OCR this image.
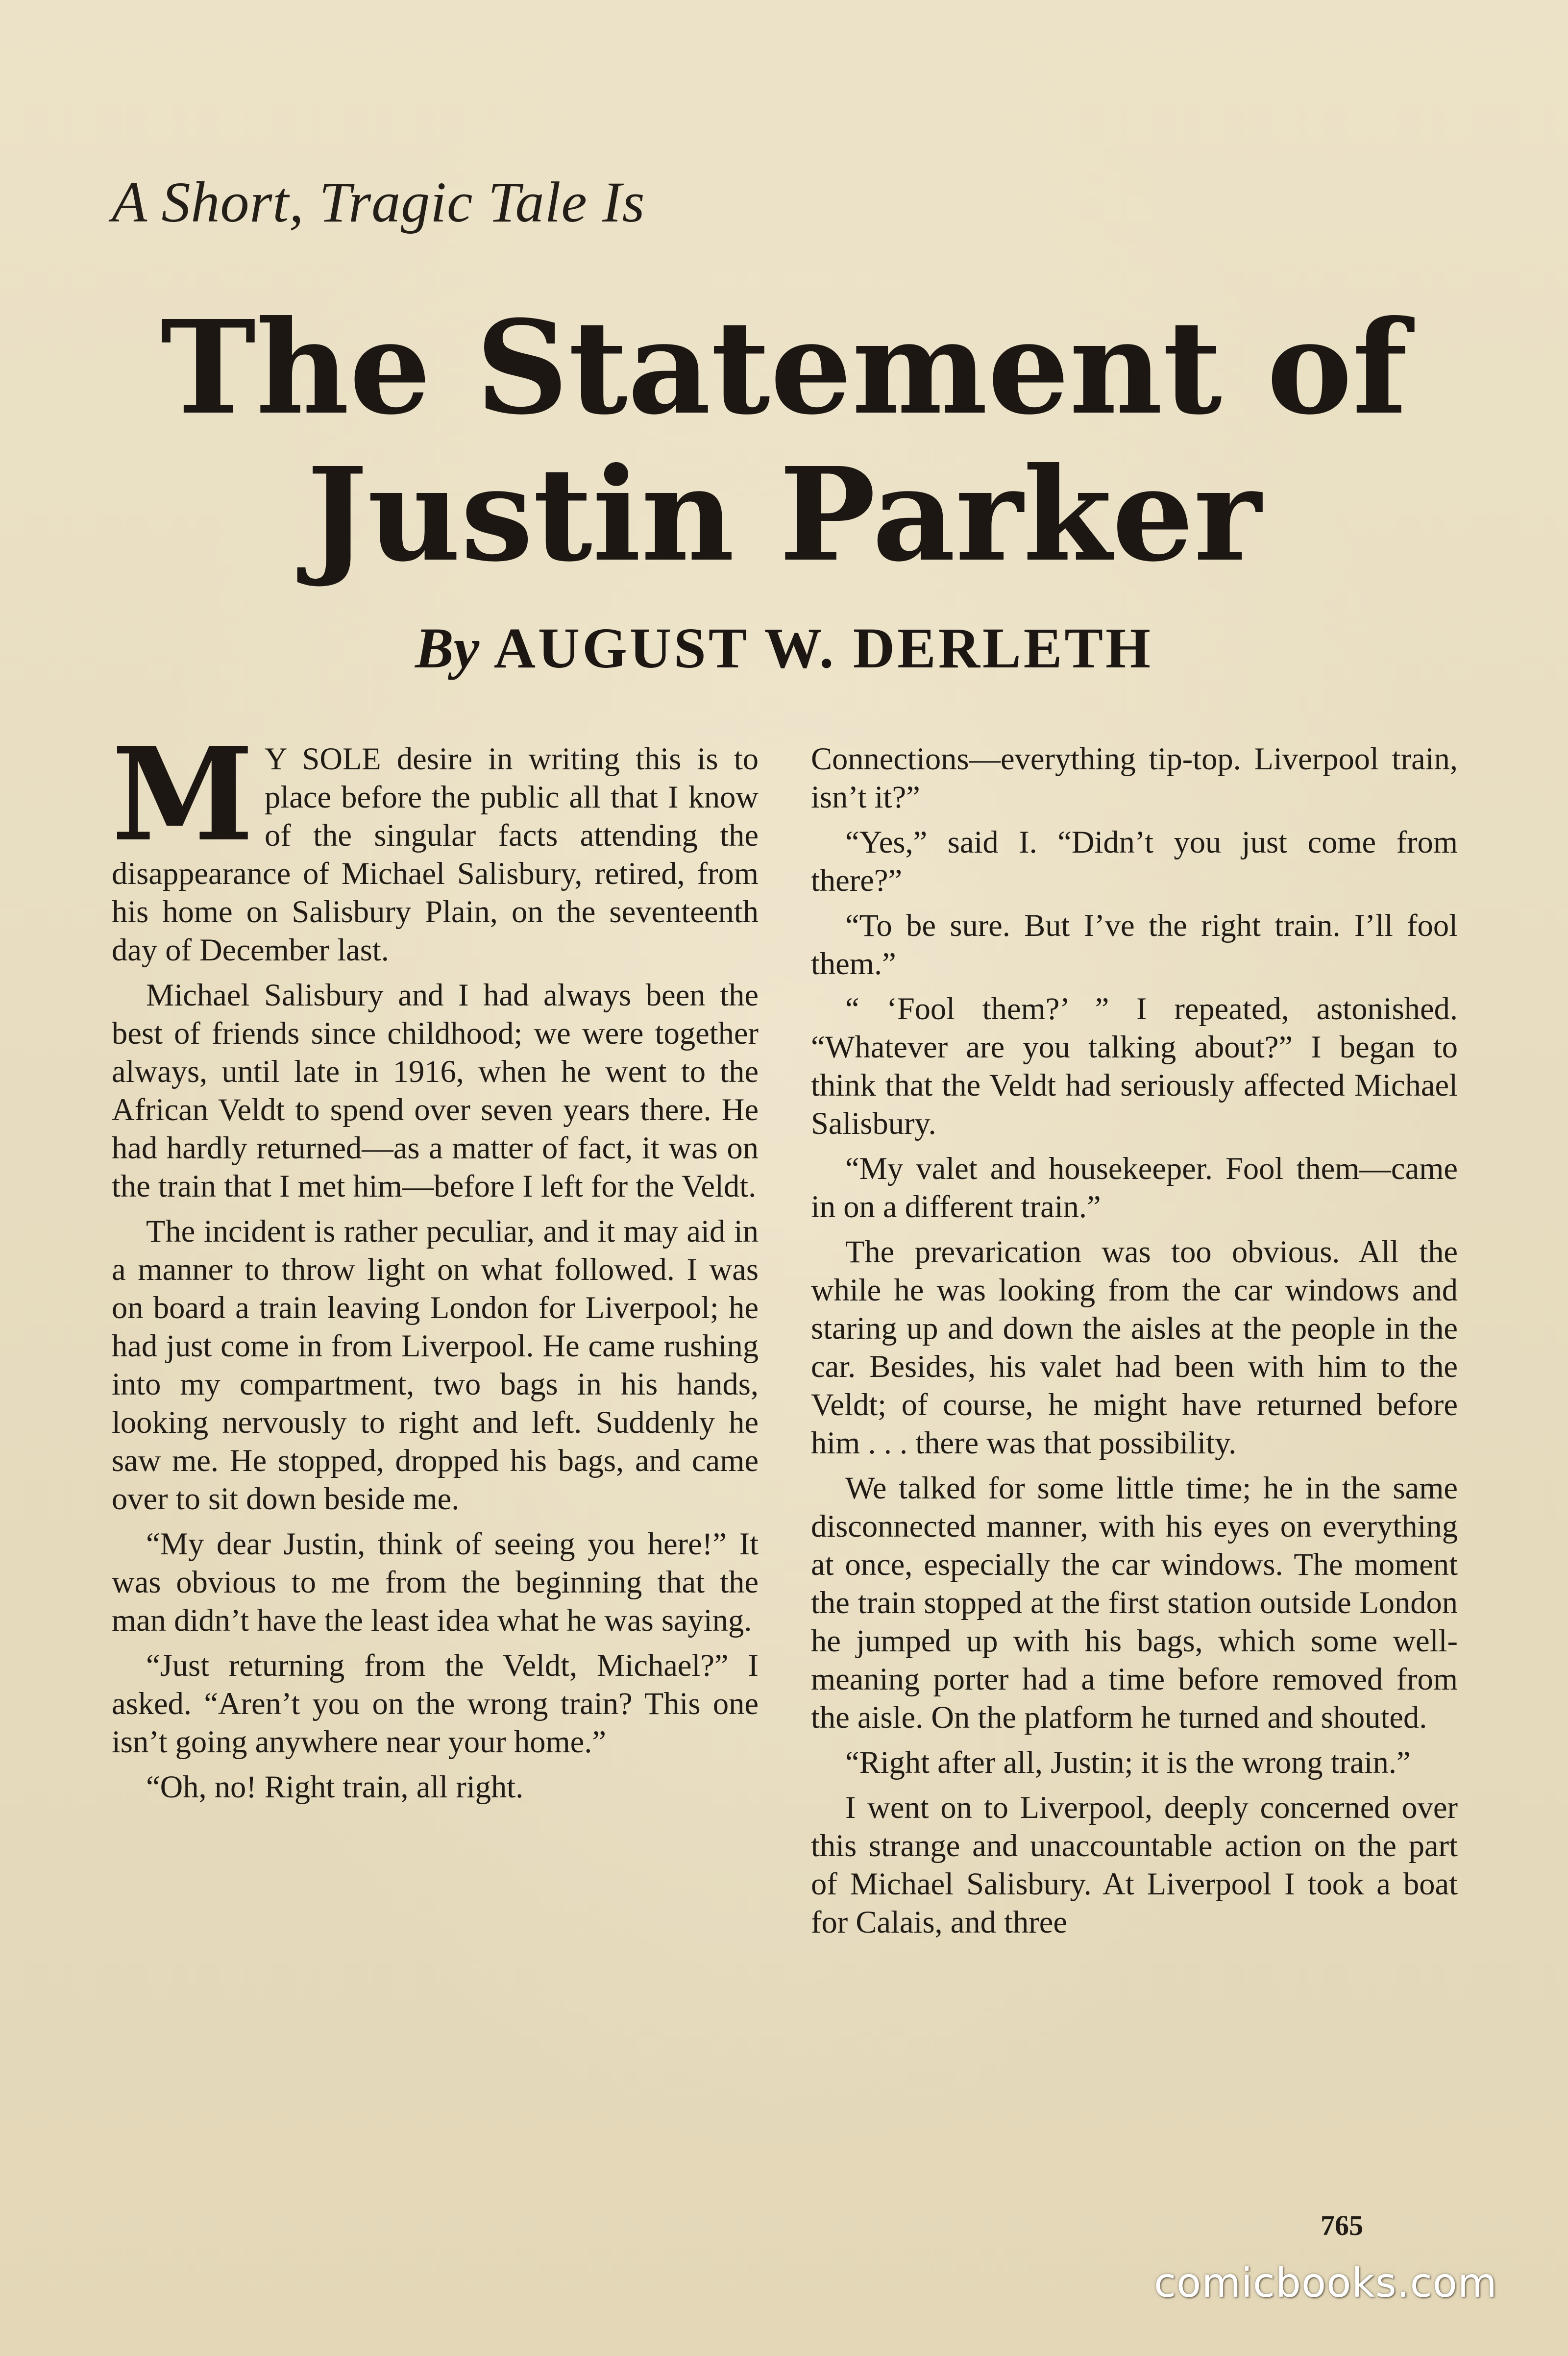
A Short, Tragic Tale Is
The Statement of
Justin Parker
By AUGUST W. DERLETH

M Y SOLE desire in writing this is to place before the public all that I know of the singular facts attending the disappearance of Michael Salisbury, retired, from his home on Salisbury Plain, on the seventeenth day of December last.

Michael Salisbury and I had always been the best of friends since childhood; we were together always, until late in 1916, when he went to the African Veldt to spend over seven years there. He had hardly returned—as a matter of fact, it was on the train that I met him—before I left for the Veldt.

The incident is rather peculiar, and it may aid in a manner to throw light on what followed. I was on board a train leaving London for Liverpool; he had just come in from Liverpool. He came rushing into my compartment, two bags in his hands, looking nervously to right and left. Suddenly he saw me. He stopped, dropped his bags, and came over to sit down beside me.

“My dear Justin, think of seeing you here!” It was obvious to me from the beginning that the man didn’t have the least idea what he was saying.

“Just returning from the Veldt, Michael?” I asked. “Aren’t you on the wrong train? This one isn’t going anywhere near your home.”

“Oh, no! Right train, all right.

Connections—everything tip-top. Liverpool train, isn’t it?”

“Yes,” said I. “Didn’t you just come from there?”

“To be sure. But I’ve the right train. I’ll fool them.”

“ ‘Fool them?’ ” I repeated, astonished. “Whatever are you talking about?” I began to think that the Veldt had seriously affected Michael Salisbury.

“My valet and housekeeper. Fool them—came in on a different train.”

The prevarication was too obvious. All the while he was looking from the car windows and staring up and down the aisles at the people in the car. Besides, his valet had been with him to the Veldt; of course, he might have returned before him . . . there was that possibility.

We talked for some little time; he in the same disconnected manner, with his eyes on everything at once, especially the car windows. The moment the train stopped at the first station outside London he jumped up with his bags, which some well-meaning porter had a time before removed from the aisle. On the platform he turned and shouted.

“Right after all, Justin; it is the wrong train.”

I went on to Liverpool, deeply concerned over this strange and unaccountable action on the part of Michael Salisbury. At Liverpool I took a boat for Calais, and three

765
comicbooks.com
